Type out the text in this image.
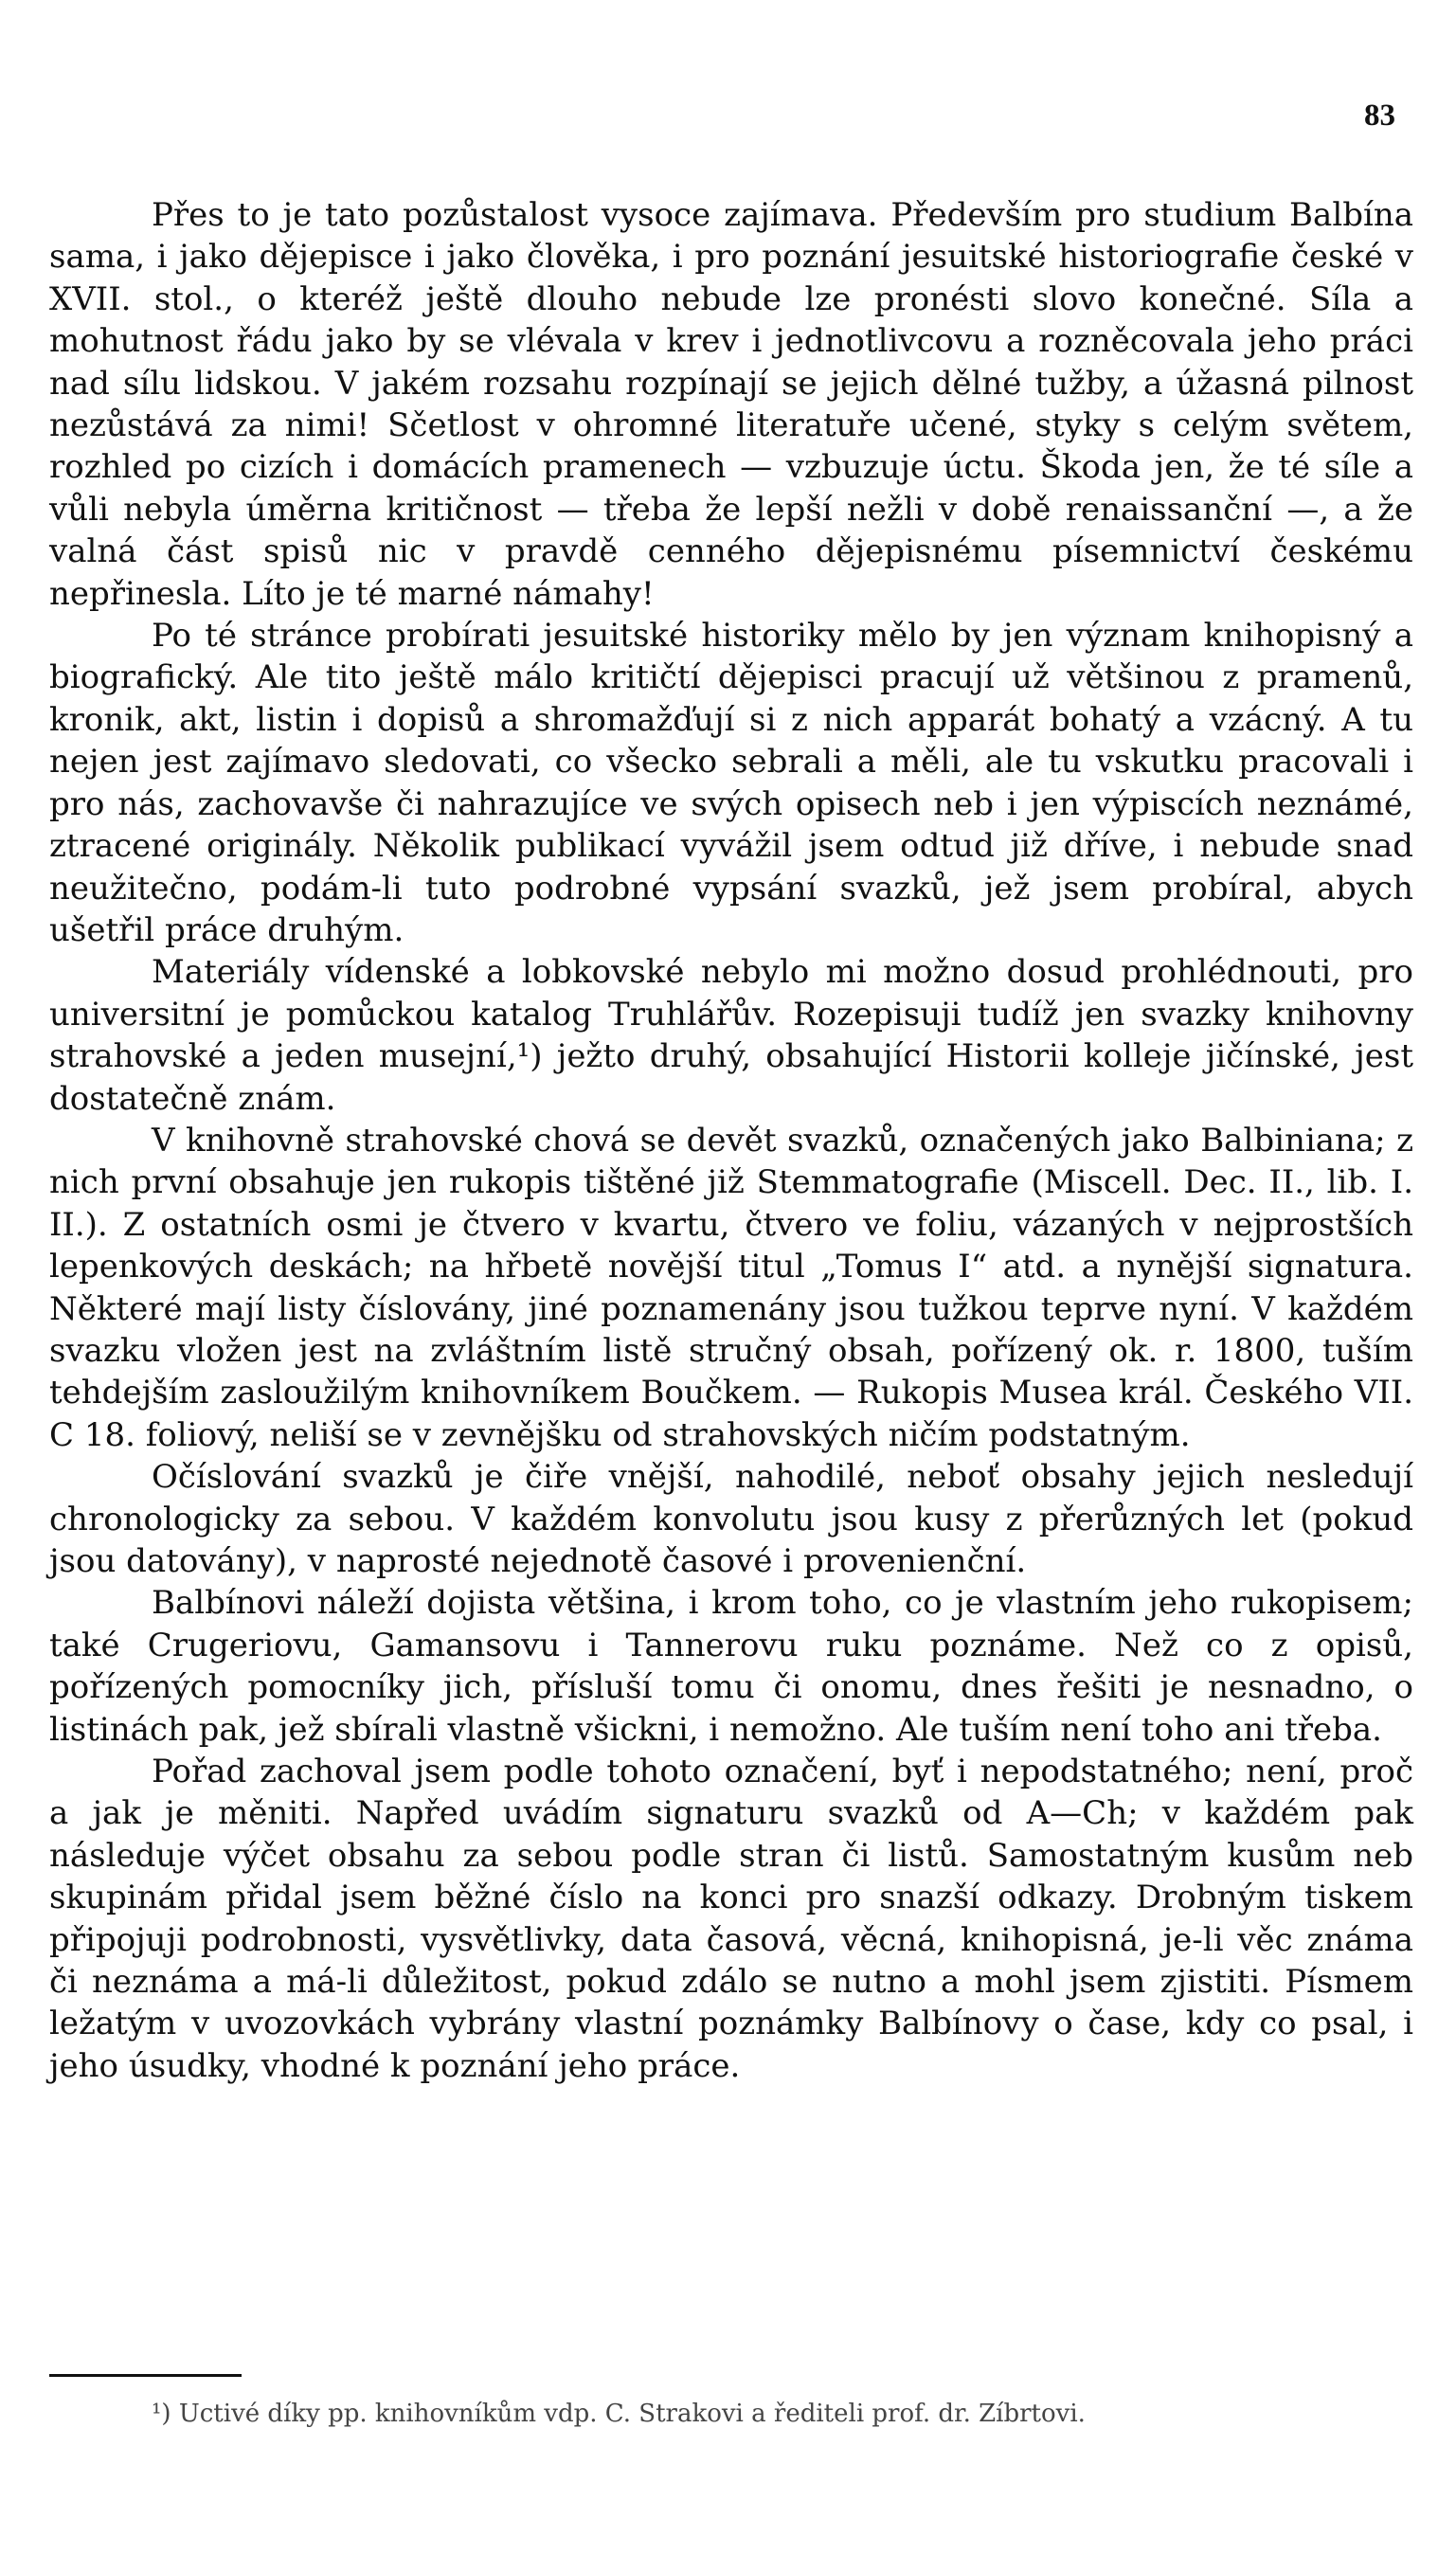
83

Přes to je tato pozůstalost vysoce zajímava. Především pro studium Balbína sama, i jako dějepisce i jako člověka, i pro poznání jesuitské historiografie české v XVII. stol., o kteréž ještě dlouho nebude lze pronésti slovo konečné. Síla a mohutnost řádu jako by se vlévala v krev i jednotlivcovu a rozněcovala jeho práci nad sílu lidskou. V jakém rozsahu rozpínají se jejich dělné tužby, a úžasná pilnost nezůstává za nimi! Sčetlost v ohromné literatuře učené, styky s celým světem, rozhled po cizích i domácích pramenech — vzbuzuje úctu. Škoda jen, že té síle a vůli nebyla úměrna kritičnost — třeba že lepší nežli v době renaissanční —, a že valná část spisů nic v pravdě cenného dějepisnému písemnictví českému nepřinesla. Líto je té marné námahy!

Po té stránce probírati jesuitské historiky mělo by jen význam knihopisný a biografický. Ale tito ještě málo kritičtí dějepisci pracují už většinou z pramenů, kronik, akt, listin i dopisů a shromažďují si z nich apparát bohatý a vzácný. A tu nejen jest zajímavo sledovati, co všecko sebrali a měli, ale tu vskutku pracovali i pro nás, zachovavše či nahrazujíce ve svých opisech neb i jen výpiscích neznámé, ztracené originály. Několik publikací vyvážil jsem odtud již dříve, i nebude snad neužitečno, podám-li tuto podrobné vypsání svazků, jež jsem probíral, abych ušetřil práce druhým.

Materiály vídenské a lobkovské nebylo mi možno dosud prohlédnouti, pro universitní je pomůckou katalog Truhlářův. Rozepisuji tudíž jen svazky knihovny strahovské a jeden musejní,¹) ježto druhý, obsahující Historii kolleje jičínské, jest dostatečně znám.

V knihovně strahovské chová se devět svazků, označených jako Balbiniana; z nich první obsahuje jen rukopis tištěné již Stemmatografie (Miscell. Dec. II., lib. I. II.). Z ostatních osmi je čtvero v kvartu, čtvero ve foliu, vázaných v nejprostších lepenkových deskách; na hřbetě novější titul „Tomus I“ atd. a nynější signatura. Některé mají listy číslovány, jiné poznamenány jsou tužkou teprve nyní. V každém svazku vložen jest na zvláštním listě stručný obsah, pořízený ok. r. 1800, tuším tehdejším zasloužilým knihovníkem Boučkem. — Rukopis Musea král. Českého VII. C 18. foliový, neliší se v zevnějšku od strahovských ničím podstatným.

Očíslování svazků je čiře vnější, nahodilé, neboť obsahy jejich nesledují chronologicky za sebou. V každém konvolutu jsou kusy z přerůzných let (pokud jsou datovány), v naprosté nejednotě časové i provenienční.

Balbínovi náleží dojista většina, i krom toho, co je vlastním jeho rukopisem; také Crugeriovu, Gamansovu i Tannerovu ruku poznáme. Než co z opisů, pořízených pomocníky jich, přísluší tomu či onomu, dnes řešiti je nesnadno, o listinách pak, jež sbírali vlastně všickni, i nemožno. Ale tuším není toho ani třeba.

Pořad zachoval jsem podle tohoto označení, byť i nepodstatného; není, proč a jak je měniti. Napřed uvádím signaturu svazků od A—Ch; v každém pak následuje výčet obsahu za sebou podle stran či listů. Samostatným kusům neb skupinám přidal jsem běžné číslo na konci pro snazší odkazy. Drobným tiskem připojuji podrobnosti, vysvětlivky, data časová, věcná, knihopisná, je-li věc známa či neznáma a má-li důležitost, pokud zdálo se nutno a mohl jsem zjistiti. Písmem ležatým v uvozovkách vybrány vlastní poznámky Balbínovy o čase, kdy co psal, i jeho úsudky, vhodné k poznání jeho práce.

¹) Uctivé díky pp. knihovníkům vdp. C. Strakovi a řediteli prof. dr. Zíbrtovi.
